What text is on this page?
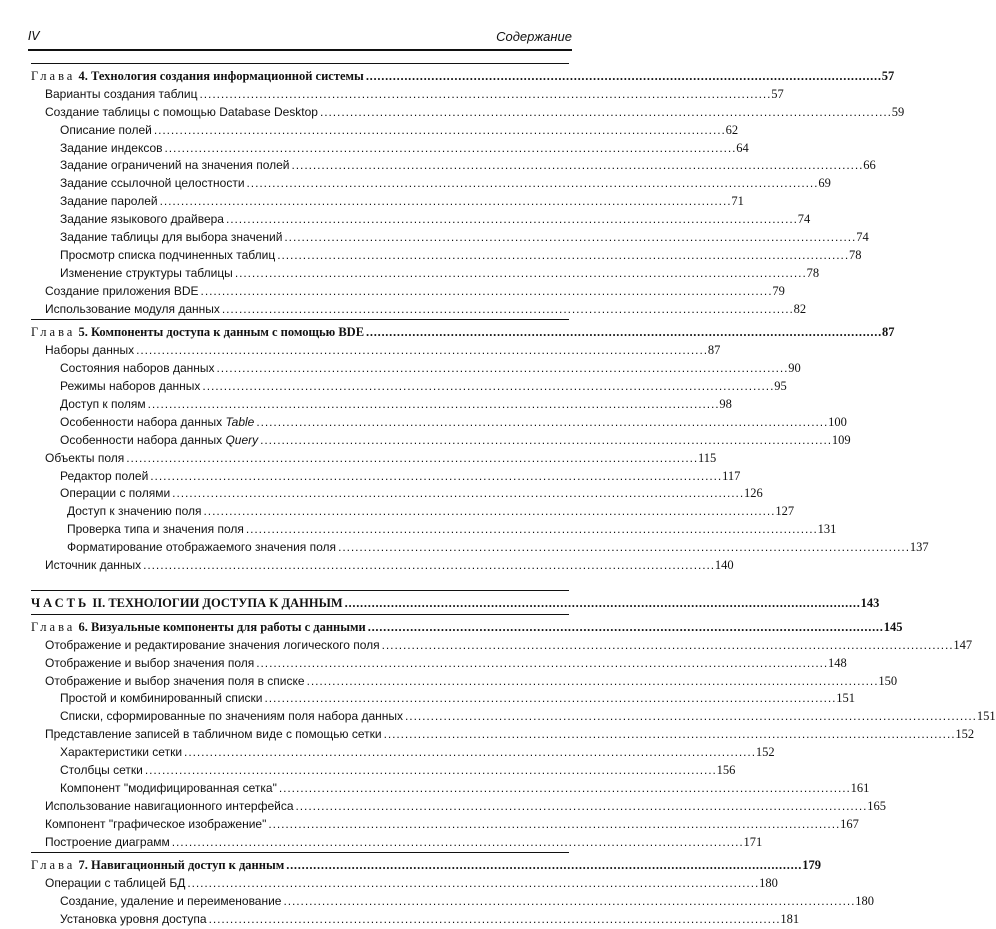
IV	Содержание
Глава 4. Технология создания информационной системы . . .	57
Варианты создания таблиц . . .	57
Создание таблицы с помощью Database Desktop . . .	59
Описание полей . . .	62
Задание индексов . . .	64
Задание ограничений на значения полей . . .	66
Задание ссылочной целостности . . .	69
Задание паролей . . .	71
Задание языкового драйвера . . .	74
Задание таблицы для выбора значений . . .	74
Просмотр списка подчиненных таблиц . . .	78
Изменение структуры таблицы . . .	78
Создание приложения BDE . . .	79
Использование модуля данных . . .	82
Глава 5. Компоненты доступа к данным с помощью BDE . . .	87
Наборы данных . . .	87
Состояния наборов данных . . .	90
Режимы наборов данных . . .	95
Доступ к полям . . .	98
Особенности набора данных Table . . .	100
Особенности набора данных Query . . .	109
Объекты поля . . .	115
Редактор полей . . .	117
Операции с полями . . .	126
Доступ к значению поля . . .	127
Проверка типа и значения поля . . .	131
Форматирование отображаемого значения поля . . .	137
Источник данных . . .	140
ЧАСТЬ II. ТЕХНОЛОГИИ ДОСТУПА К ДАННЫМ . . .	143
Глава 6. Визуальные компоненты для работы с данными . . .	145
Отображение и редактирование значения логического поля . . .	147
Отображение и выбор значения поля . . .	148
Отображение и выбор значения поля в списке . . .	150
Простой и комбинированный списки . . .	151
Списки, сформированные по значениям поля набора данных . . .	151
Представление записей в табличном виде с помощью сетки . . .	152
Характеристики сетки . . .	152
Столбцы сетки . . .	156
Компонент "модифицированная сетка" . . .	161
Использование навигационного интерфейса . . .	165
Компонент "графическое изображение" . . .	167
Построение диаграмм . . .	171
Глава 7. Навигационный доступ к данным . . .	179
Операции с таблицей БД . . .	180
Создание, удаление и переименование . . .	180
Установка уровня доступа . . .	181
